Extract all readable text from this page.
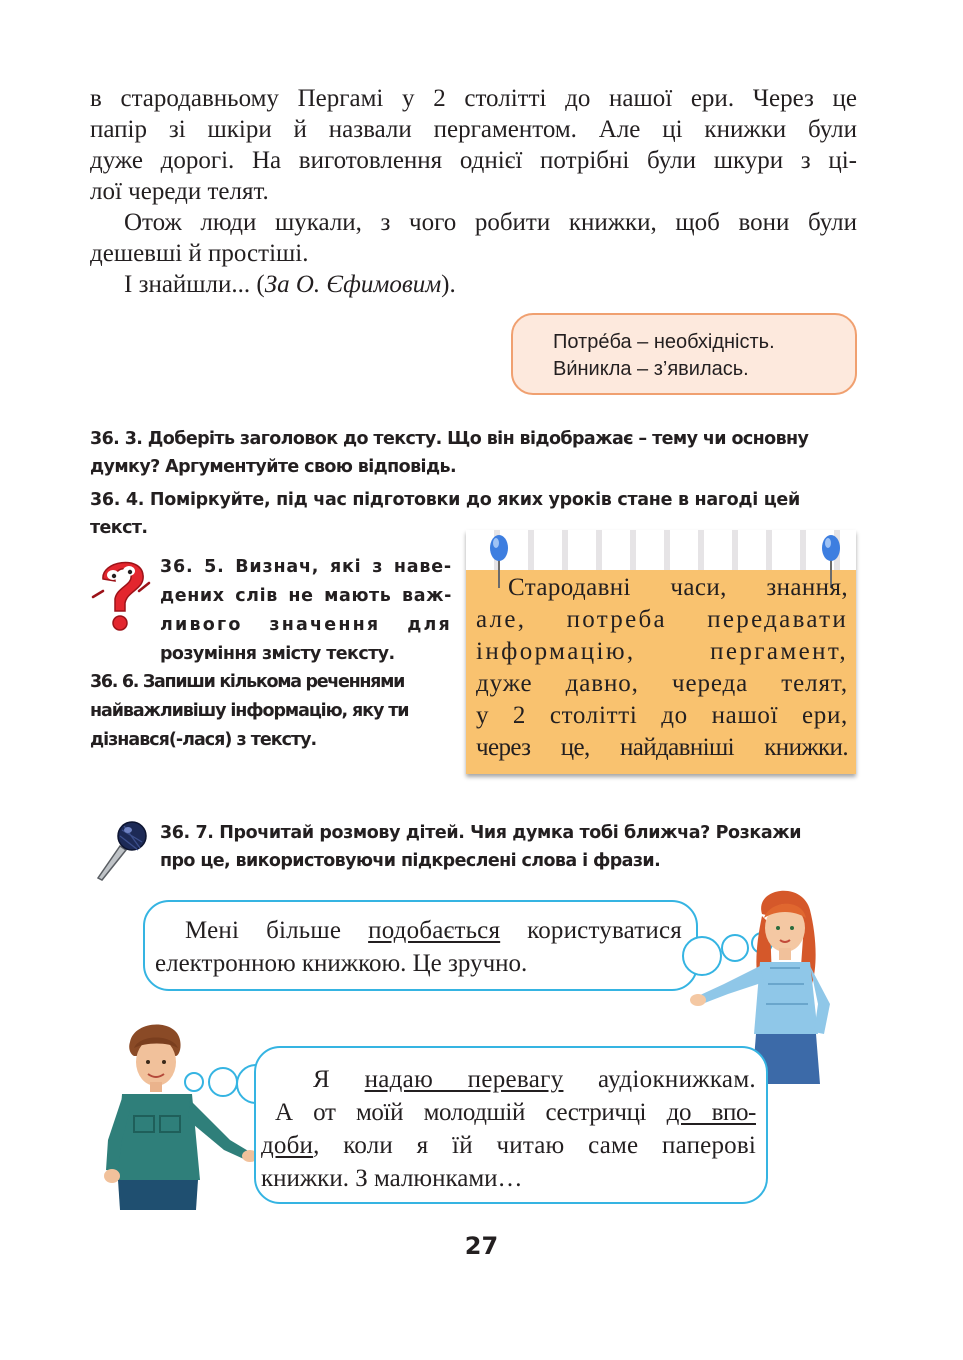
в стародавньому Пергамі у 2 столітті до нашої ери. Через це

папір зі шкіри й назвали пергаментом. Але ці книжки були

дуже дорогі. На виготовлення однієї потрібні були шкури з ці-

лої череди телят.

Отож люди шукали, з чого робити книжки, щоб вони були

дешевші й простіші.

І знайшли... (За О. Єфимовим).

Потре́ба – необхідність.
Ви́никла – з’явилась.
36. 3. Доберіть заголовок до тексту. Що він відображає – тему чи основну
думку? Аргументуйте свою відповідь.
36. 4. Поміркуйте, під час підготовки до яких уроків стане в нагоді цей
текст.
36. 5. Визнач, які з наве-
дених слів не мають важ-
ливого значення для
розуміння змісту тексту.
36. 6. Запиши кількома реченнями
найважливішу інформацію, яку ти
дізнався(-лася) з тексту.
Стародавні часи, знання,
але, потреба передавати
інформацію, пергамент,
дуже давно, череда телят,
у 2 столітті до нашої ери,
через це, найдавніші книжки.
36. 7. Прочитай розмову дітей. Чия думка тобі ближча? Розкажи
про це, використовуючи підкреслені слова і фрази.
Мені більше подобається користуватися
електронною книжкою. Це зручно.
Я надаю перевагу аудіокнижкам.
А от моїй молодшій сестричці до впо-
доби, коли я їй читаю саме паперові
книжки. З малюнками…
27
